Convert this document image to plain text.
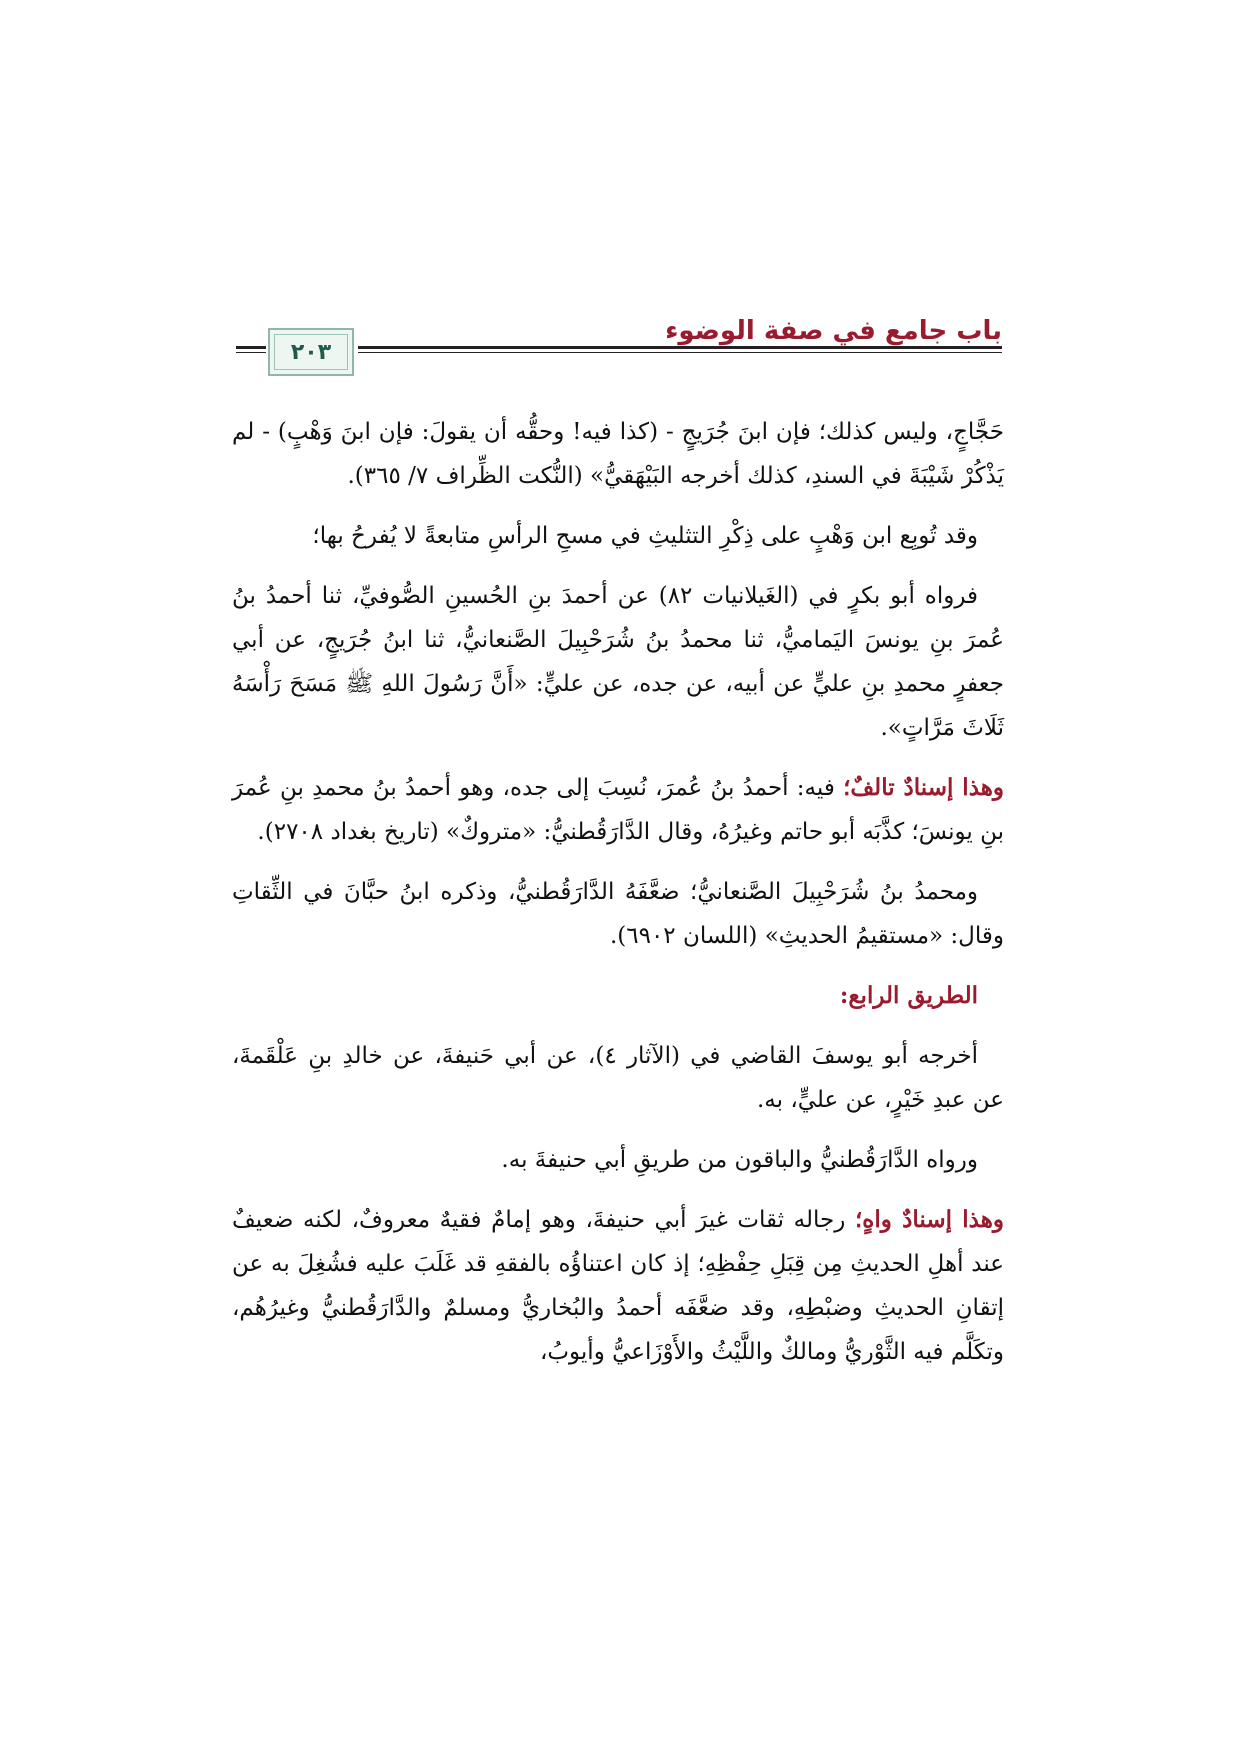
باب جامع في صفة الوضوء
٢٠٣

حَجَّاجٍ، وليس كذلك؛ فإن ابنَ جُرَيجٍ - (كذا فيه! وحقُّه أن يقولَ: فإن ابنَ وَهْبٍ) - لم يَذْكُرْ شَيْبَةَ في السندِ، كذلك أخرجه البَيْهَقيُّ» (النُّكت الظِّراف ٧/ ٣٦٥).

وقد تُوبِع ابن وَهْبٍ على ذِكْرِ التثليثِ في مسحِ الرأسِ متابعةً لا يُفرحُ بها؛

فرواه أبو بكرٍ في (الغَيلانيات ٨٢) عن أحمدَ بنِ الحُسينِ الصُّوفيِّ، ثنا أحمدُ بنُ عُمرَ بنِ يونسَ اليَماميُّ، ثنا محمدُ بنُ شُرَحْبِيلَ الصَّنعانيُّ، ثنا ابنُ جُرَيجٍ، عن أبي جعفرٍ محمدِ بنِ عليٍّ عن أبيه، عن جده، عن عليٍّ: «أَنَّ رَسُولَ اللهِ ﷺ مَسَحَ رَأْسَهُ ثَلَاثَ مَرَّاتٍ».

وهذا إسنادٌ تالفٌ؛ فيه: أحمدُ بنُ عُمرَ، نُسِبَ إلى جده، وهو أحمدُ بنُ محمدِ بنِ عُمرَ بنِ يونسَ؛ كذَّبَه أبو حاتم وغيرُهُ، وقال الدَّارَقُطنيُّ: «متروكٌ» (تاريخ بغداد ٢٧٠٨).

ومحمدُ بنُ شُرَحْبِيلَ الصَّنعانيُّ؛ ضعَّفَهُ الدَّارَقُطنيُّ، وذكره ابنُ حبَّانَ في الثِّقاتِ وقال: «مستقيمُ الحديثِ» (اللسان ٦٩٠٢).

الطريق الرابع:

أخرجه أبو يوسفَ القاضي في (الآثار ٤)، عن أبي حَنيفةَ، عن خالدِ بنِ عَلْقَمةَ، عن عبدِ خَيْرٍ، عن عليٍّ، به.

ورواه الدَّارَقُطنيُّ والباقون من طريقِ أبي حنيفةَ به.

وهذا إسنادٌ واهٍ؛ رجاله ثقات غيرَ أبي حنيفةَ، وهو إمامٌ فقيهٌ معروفٌ، لكنه ضعيفٌ عند أهلِ الحديثِ مِن قِبَلِ حِفْظِهِ؛ إذ كان اعتناؤُه بالفقهِ قد غَلَبَ عليه فشُغِلَ به عن إتقانِ الحديثِ وضبْطِهِ، وقد ضعَّفَه أحمدُ والبُخاريُّ ومسلمٌ والدَّارَقُطنيُّ وغيرُهُم، وتكَلَّم فيه الثَّوْريُّ ومالكٌ واللَّيْثُ والأَوْزَاعيُّ وأيوبُ،
